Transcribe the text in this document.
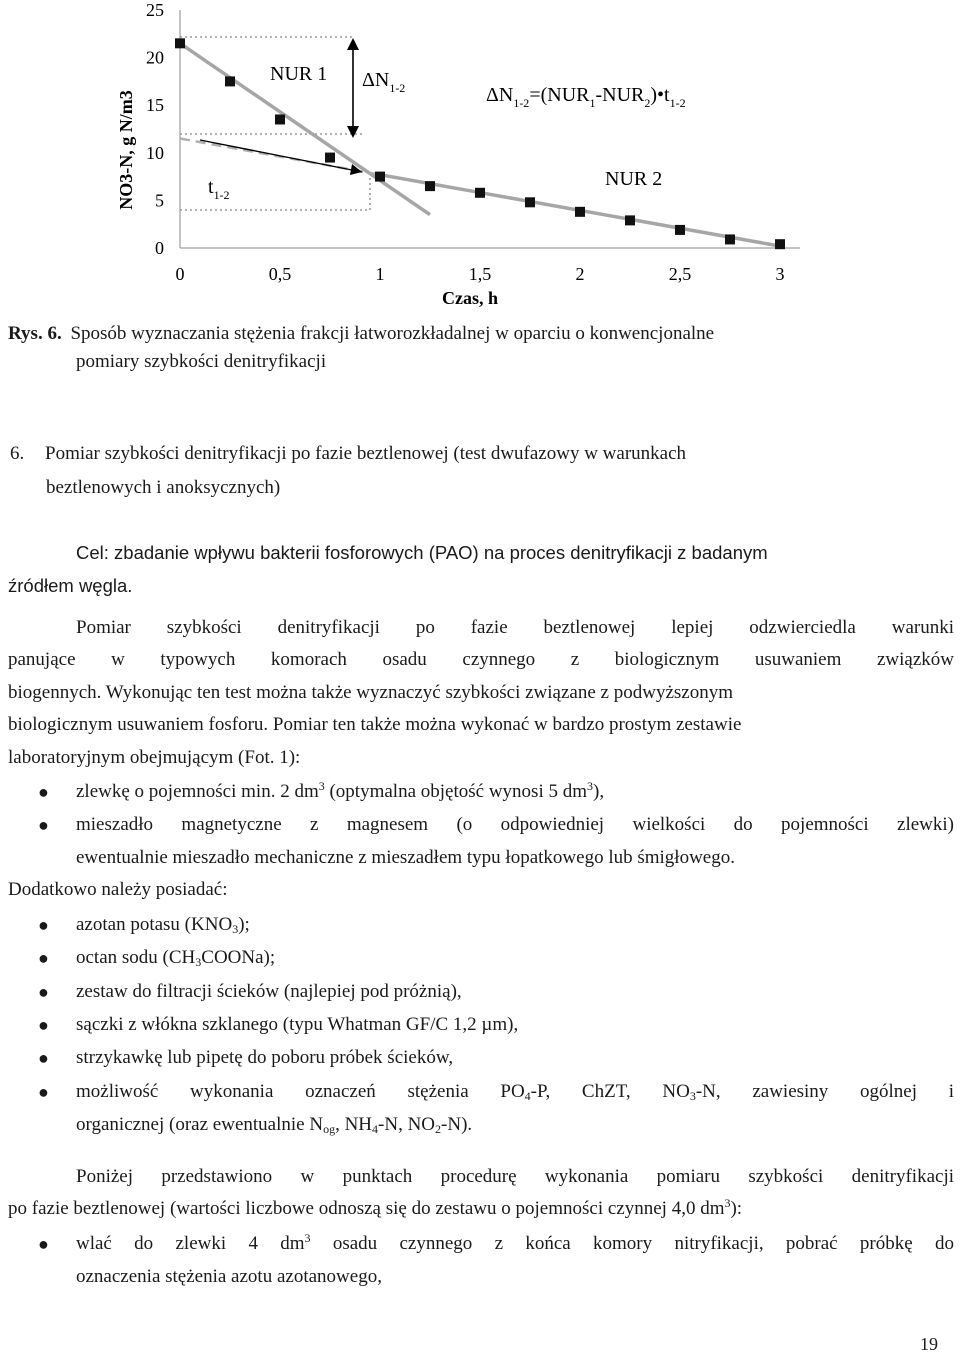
0
5
10
15
20
25
0	0,5	1	1,5	2	2,5	3
NUR 1
NUR 2
$\Delta N_{1-2}$
$t_{1-2}$
$\Delta N_{1-2}=(NUR_1-NUR_2)•t_{1-2}$
Czas, h
NO3-N, g N/m3
Rys. 6. Sposób wyznaczania stężenia frakcji łatworozkładalnej w oparciu o konwencjonalne
pomiary szybkości denitryfikacji
6. Pomiar szybkości denitryfikacji po fazie beztlenowej (test dwufazowy w warunkach
beztlenowych i anoksycznych)
Cel: zbadanie wpływu bakterii fosforowych (PAO) na proces denitryfikacji z badanym
źródłem węgla.
Pomiar szybkości denitryfikacji po fazie beztlenowej lepiej odzwierciedla warunki
panujące w typowych komorach osadu czynnego z biologicznym usuwaniem związków
biogennych. Wykonując ten test można także wyznaczyć szybkości związane z podwyższonym
biologicznym usuwaniem fosforu. Pomiar ten także można wykonać w bardzo prostym zestawie
laboratoryjnym obejmującym (Fot. 1):
● zlewkę o pojemności min. 2 $dm^3$ (optymalna objętość wynosi 5 $dm^3$),
● mieszadło magnetyczne z magnesem (o odpowiedniej wielkości do pojemności zlewki)
ewentualnie mieszadło mechaniczne z mieszadłem typu łopatkowego lub śmigłowego.
Dodatkowo należy posiadać:
● azotan potasu $(KNO_3)$;
● octan sodu $(CH_3COONa)$;
● zestaw do filtracji ścieków (najlepiej pod próżnią),
● sączki z włókna szklanego (typu Whatman GF/C 1,2 µm),
● strzykawkę lub pipetę do poboru próbek ścieków,
● możliwość wykonania oznaczeń stężenia $PO_4-P$, ChZT, $NO_3-N$, zawiesiny ogólnej i
organicznej (oraz ewentualnie $N_{og}$, $NH_4-N$, $NO_2-N$).
Poniżej przedstawiono w punktach procedurę wykonania pomiaru szybkości denitryfikacji
po fazie beztlenowej (wartości liczbowe odnoszą się do zestawu o pojemności czynnej 4,0 $dm^3$):
● wlać do zlewki 4 $dm^3$ osadu czynnego z końca komory nitryfikacji, pobrać próbkę do
oznaczenia stężenia azotu azotanowego,
19
